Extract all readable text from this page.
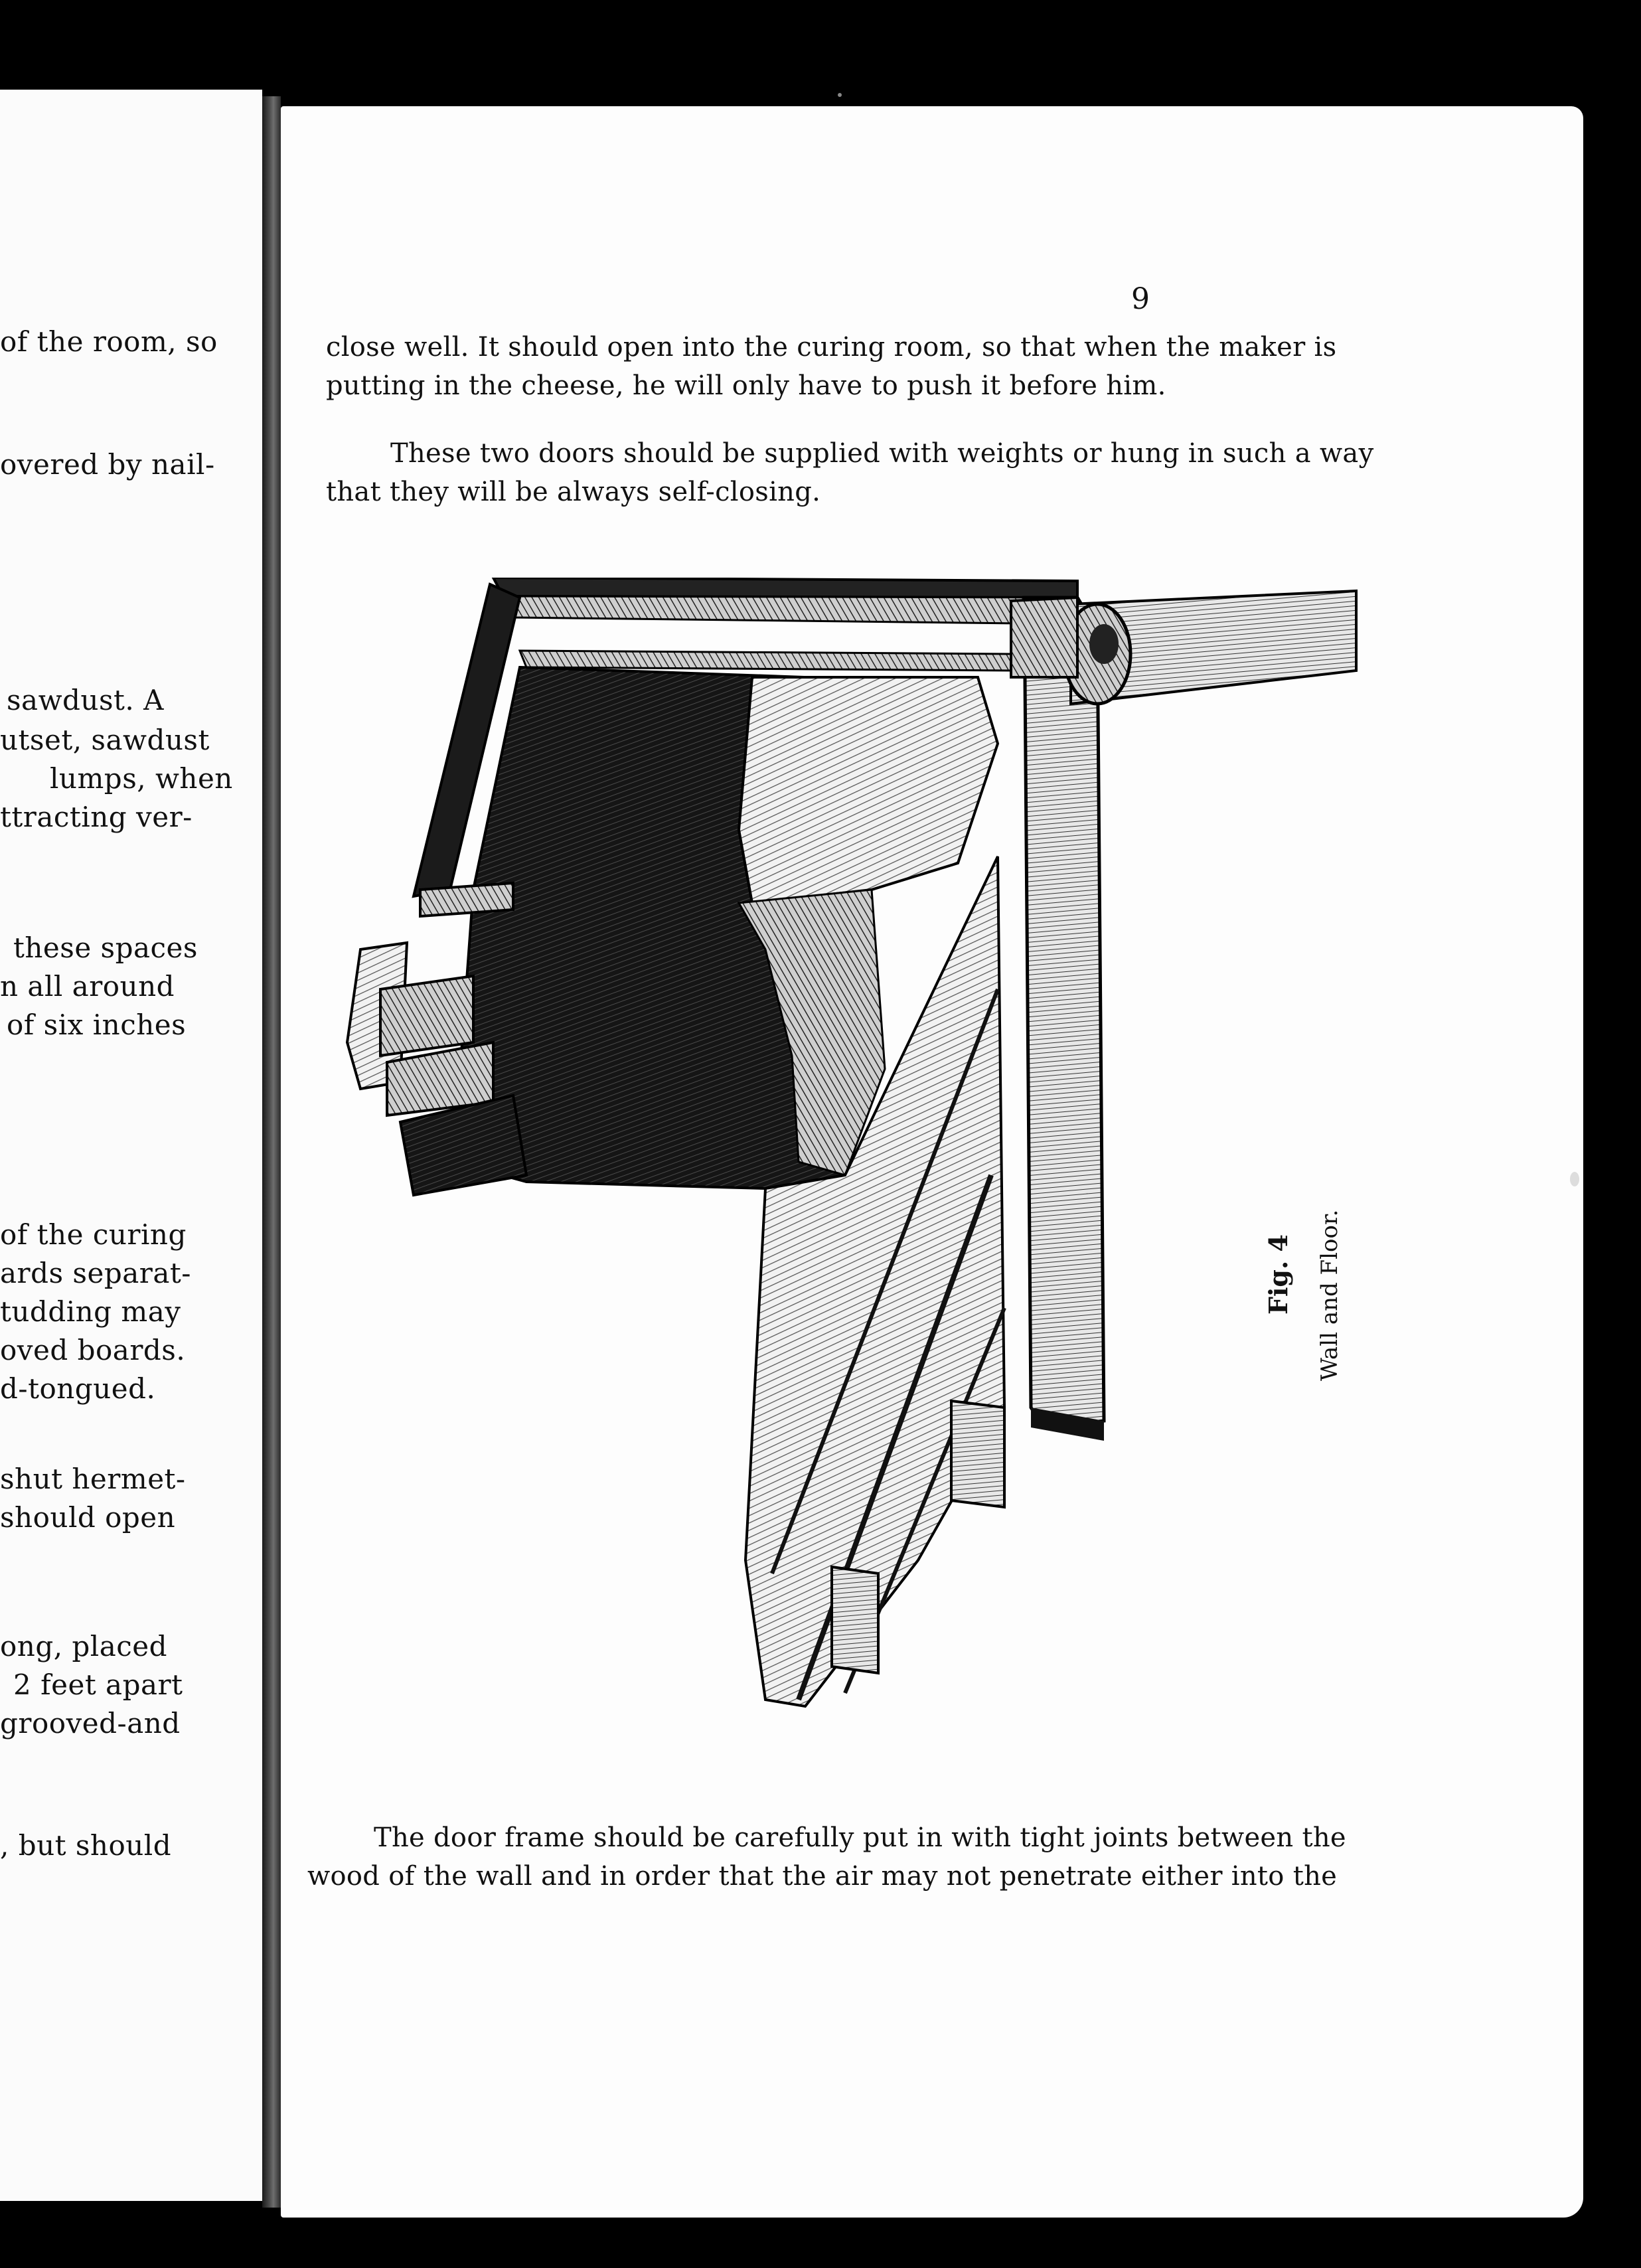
of the room, so
overed by nail-
sawdust. A
utset, sawdust
lumps, when
ttracting ver-
these spaces
n all around
of six inches
of the curing
ards separat-
tudding may
oved boards.
d-tongued.
shut hermet-
should open
ong, placed
2 feet apart
grooved-and
, but should
9
close well. It should open into the curing room, so that when the maker is
putting in the cheese, he will only have to push it before him.
These two doors should be supplied with weights or hung in such a way
that they will be always self-closing.
Fig. 4 Wall and Floor.
The door frame should be carefully put in with tight joints between the
wood of the wall and in order that the air may not penetrate either into the
